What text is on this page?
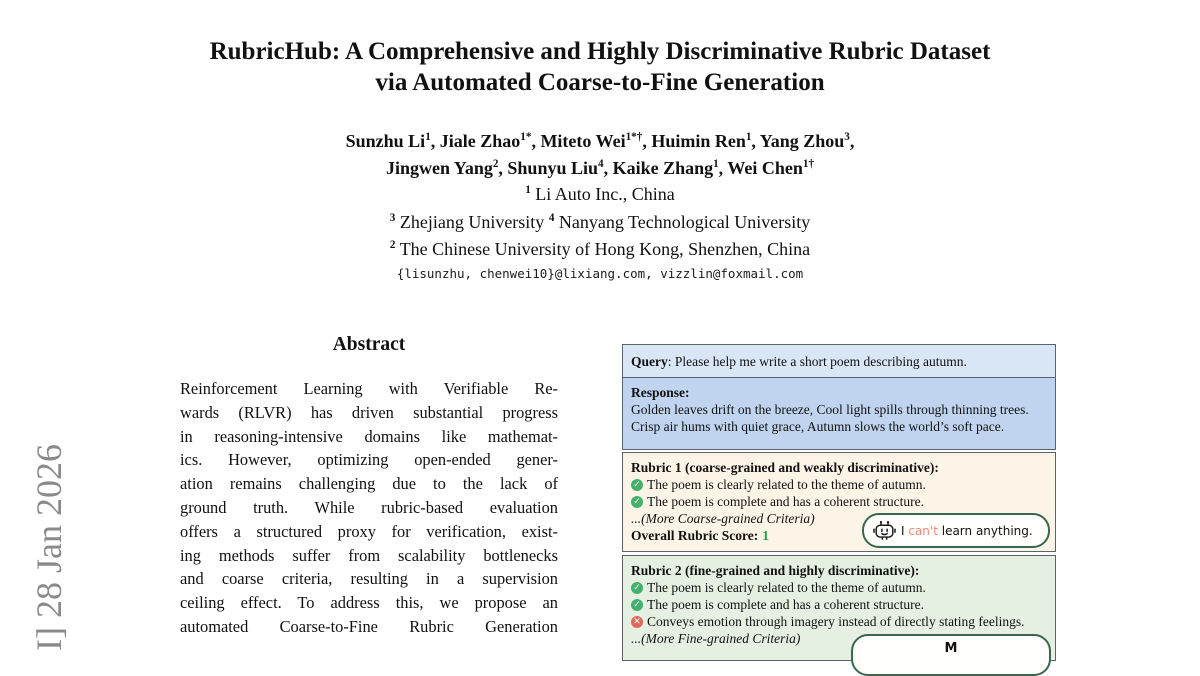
I] 28 Jan 2026
RubricHub: A Comprehensive and Highly Discriminative Rubric Dataset
via Automated Coarse-to-Fine Generation
Sunzhu Li$^1$, Jiale Zhao$^{1*}$, Miteto Wei$^{1*\dagger}$, Huimin Ren$^1$, Yang Zhou$^3$,
Jingwen Yang$^2$, Shunyu Liu$^4$, Kaike Zhang$^1$, Wei Chen$^{1\dagger}$
$^1$ Li Auto Inc., China
$^3$ Zhejiang University $^4$ Nanyang Technological University
$^2$ The Chinese University of Hong Kong, Shenzhen, China
{lisunzhu, chenwei10}@lixiang.com, vizzlin@foxmail.com
Abstract
Reinforcement Learning with Verifiable Re-
wards (RLVR) has driven substantial progress
in reasoning-intensive domains like mathemat-
ics. However, optimizing open-ended gener-
ation remains challenging due to the lack of
ground truth. While rubric-based evaluation
offers a structured proxy for verification, exist-
ing methods suffer from scalability bottlenecks
and coarse criteria, resulting in a supervision
ceiling effect. To address this, we propose an
automated Coarse-to-Fine Rubric Generation
Query: Please help me write a short poem describing autumn.
Response:
Golden leaves drift on the breeze, Cool light spills through thinning trees.
Crisp air hums with quiet grace, Autumn slows the world’s soft pace.
Rubric 1 (coarse-grained and weakly discriminative):
✓ The poem is clearly related to the theme of autumn.
✓ The poem is complete and has a coherent structure.
...(More Coarse-grained Criteria)
Overall Rubric Score: 1	I can't learn anything.
Rubric 2 (fine-grained and highly discriminative):
✓ The poem is clearly related to the theme of autumn.
✓ The poem is complete and has a coherent structure.
✕ Conveys emotion through imagery instead of directly stating feelings.
...(More Fine-grained Criteria)
M
